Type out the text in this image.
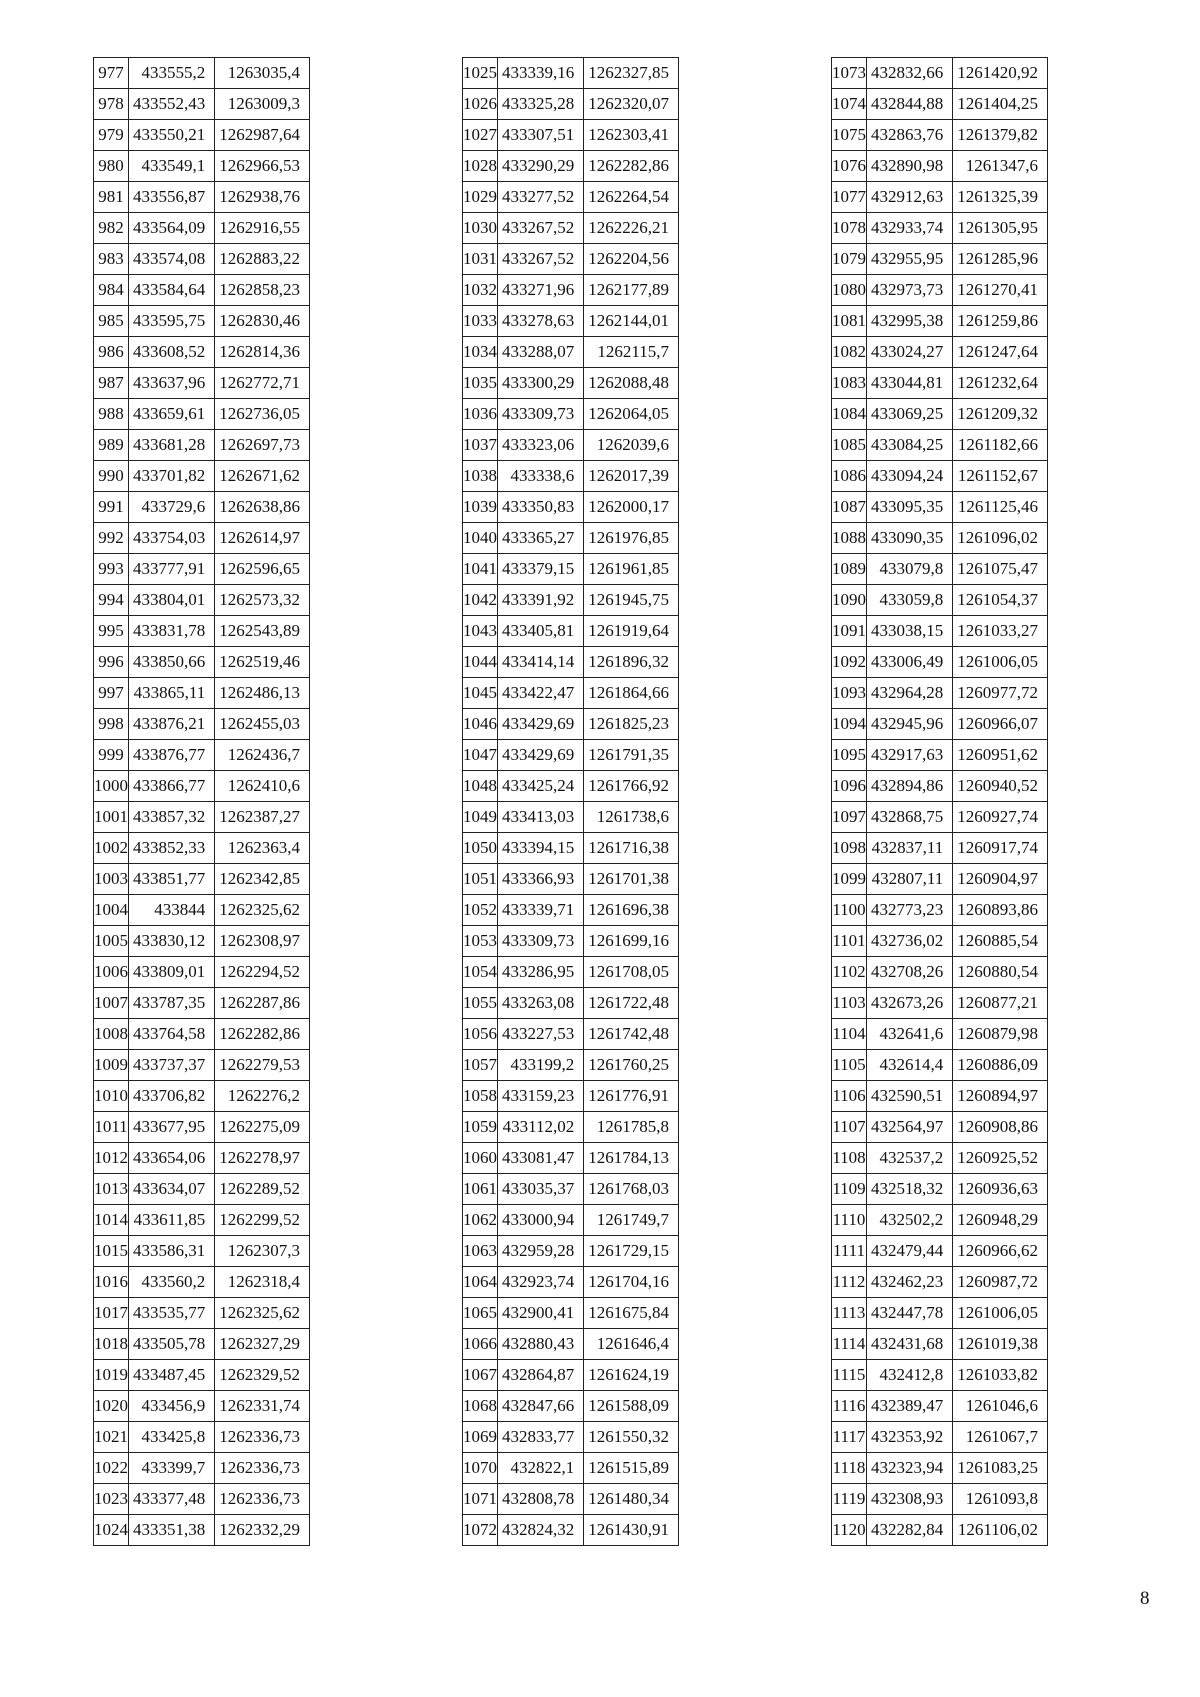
977	433555,2	1263035,4
978	433552,43	1263009,3
979	433550,21	1262987,64
980	433549,1	1262966,53
981	433556,87	1262938,76
982	433564,09	1262916,55
983	433574,08	1262883,22
984	433584,64	1262858,23
985	433595,75	1262830,46
986	433608,52	1262814,36
987	433637,96	1262772,71
988	433659,61	1262736,05
989	433681,28	1262697,73
990	433701,82	1262671,62
991	433729,6	1262638,86
992	433754,03	1262614,97
993	433777,91	1262596,65
994	433804,01	1262573,32
995	433831,78	1262543,89
996	433850,66	1262519,46
997	433865,11	1262486,13
998	433876,21	1262455,03
999	433876,77	1262436,7
1000	433866,77	1262410,6
1001	433857,32	1262387,27
1002	433852,33	1262363,4
1003	433851,77	1262342,85
1004	433844	1262325,62
1005	433830,12	1262308,97
1006	433809,01	1262294,52
1007	433787,35	1262287,86
1008	433764,58	1262282,86
1009	433737,37	1262279,53
1010	433706,82	1262276,2
1011	433677,95	1262275,09
1012	433654,06	1262278,97
1013	433634,07	1262289,52
1014	433611,85	1262299,52
1015	433586,31	1262307,3
1016	433560,2	1262318,4
1017	433535,77	1262325,62
1018	433505,78	1262327,29
1019	433487,45	1262329,52
1020	433456,9	1262331,74
1021	433425,8	1262336,73
1022	433399,7	1262336,73
1023	433377,48	1262336,73
1024	433351,38	1262332,29
1025	433339,16	1262327,85
1026	433325,28	1262320,07
1027	433307,51	1262303,41
1028	433290,29	1262282,86
1029	433277,52	1262264,54
1030	433267,52	1262226,21
1031	433267,52	1262204,56
1032	433271,96	1262177,89
1033	433278,63	1262144,01
1034	433288,07	1262115,7
1035	433300,29	1262088,48
1036	433309,73	1262064,05
1037	433323,06	1262039,6
1038	433338,6	1262017,39
1039	433350,83	1262000,17
1040	433365,27	1261976,85
1041	433379,15	1261961,85
1042	433391,92	1261945,75
1043	433405,81	1261919,64
1044	433414,14	1261896,32
1045	433422,47	1261864,66
1046	433429,69	1261825,23
1047	433429,69	1261791,35
1048	433425,24	1261766,92
1049	433413,03	1261738,6
1050	433394,15	1261716,38
1051	433366,93	1261701,38
1052	433339,71	1261696,38
1053	433309,73	1261699,16
1054	433286,95	1261708,05
1055	433263,08	1261722,48
1056	433227,53	1261742,48
1057	433199,2	1261760,25
1058	433159,23	1261776,91
1059	433112,02	1261785,8
1060	433081,47	1261784,13
1061	433035,37	1261768,03
1062	433000,94	1261749,7
1063	432959,28	1261729,15
1064	432923,74	1261704,16
1065	432900,41	1261675,84
1066	432880,43	1261646,4
1067	432864,87	1261624,19
1068	432847,66	1261588,09
1069	432833,77	1261550,32
1070	432822,1	1261515,89
1071	432808,78	1261480,34
1072	432824,32	1261430,91
1073	432832,66	1261420,92
1074	432844,88	1261404,25
1075	432863,76	1261379,82
1076	432890,98	1261347,6
1077	432912,63	1261325,39
1078	432933,74	1261305,95
1079	432955,95	1261285,96
1080	432973,73	1261270,41
1081	432995,38	1261259,86
1082	433024,27	1261247,64
1083	433044,81	1261232,64
1084	433069,25	1261209,32
1085	433084,25	1261182,66
1086	433094,24	1261152,67
1087	433095,35	1261125,46
1088	433090,35	1261096,02
1089	433079,8	1261075,47
1090	433059,8	1261054,37
1091	433038,15	1261033,27
1092	433006,49	1261006,05
1093	432964,28	1260977,72
1094	432945,96	1260966,07
1095	432917,63	1260951,62
1096	432894,86	1260940,52
1097	432868,75	1260927,74
1098	432837,11	1260917,74
1099	432807,11	1260904,97
1100	432773,23	1260893,86
1101	432736,02	1260885,54
1102	432708,26	1260880,54
1103	432673,26	1260877,21
1104	432641,6	1260879,98
1105	432614,4	1260886,09
1106	432590,51	1260894,97
1107	432564,97	1260908,86
1108	432537,2	1260925,52
1109	432518,32	1260936,63
1110	432502,2	1260948,29
1111	432479,44	1260966,62
1112	432462,23	1260987,72
1113	432447,78	1261006,05
1114	432431,68	1261019,38
1115	432412,8	1261033,82
1116	432389,47	1261046,6
1117	432353,92	1261067,7
1118	432323,94	1261083,25
1119	432308,93	1261093,8
1120	432282,84	1261106,02
8
